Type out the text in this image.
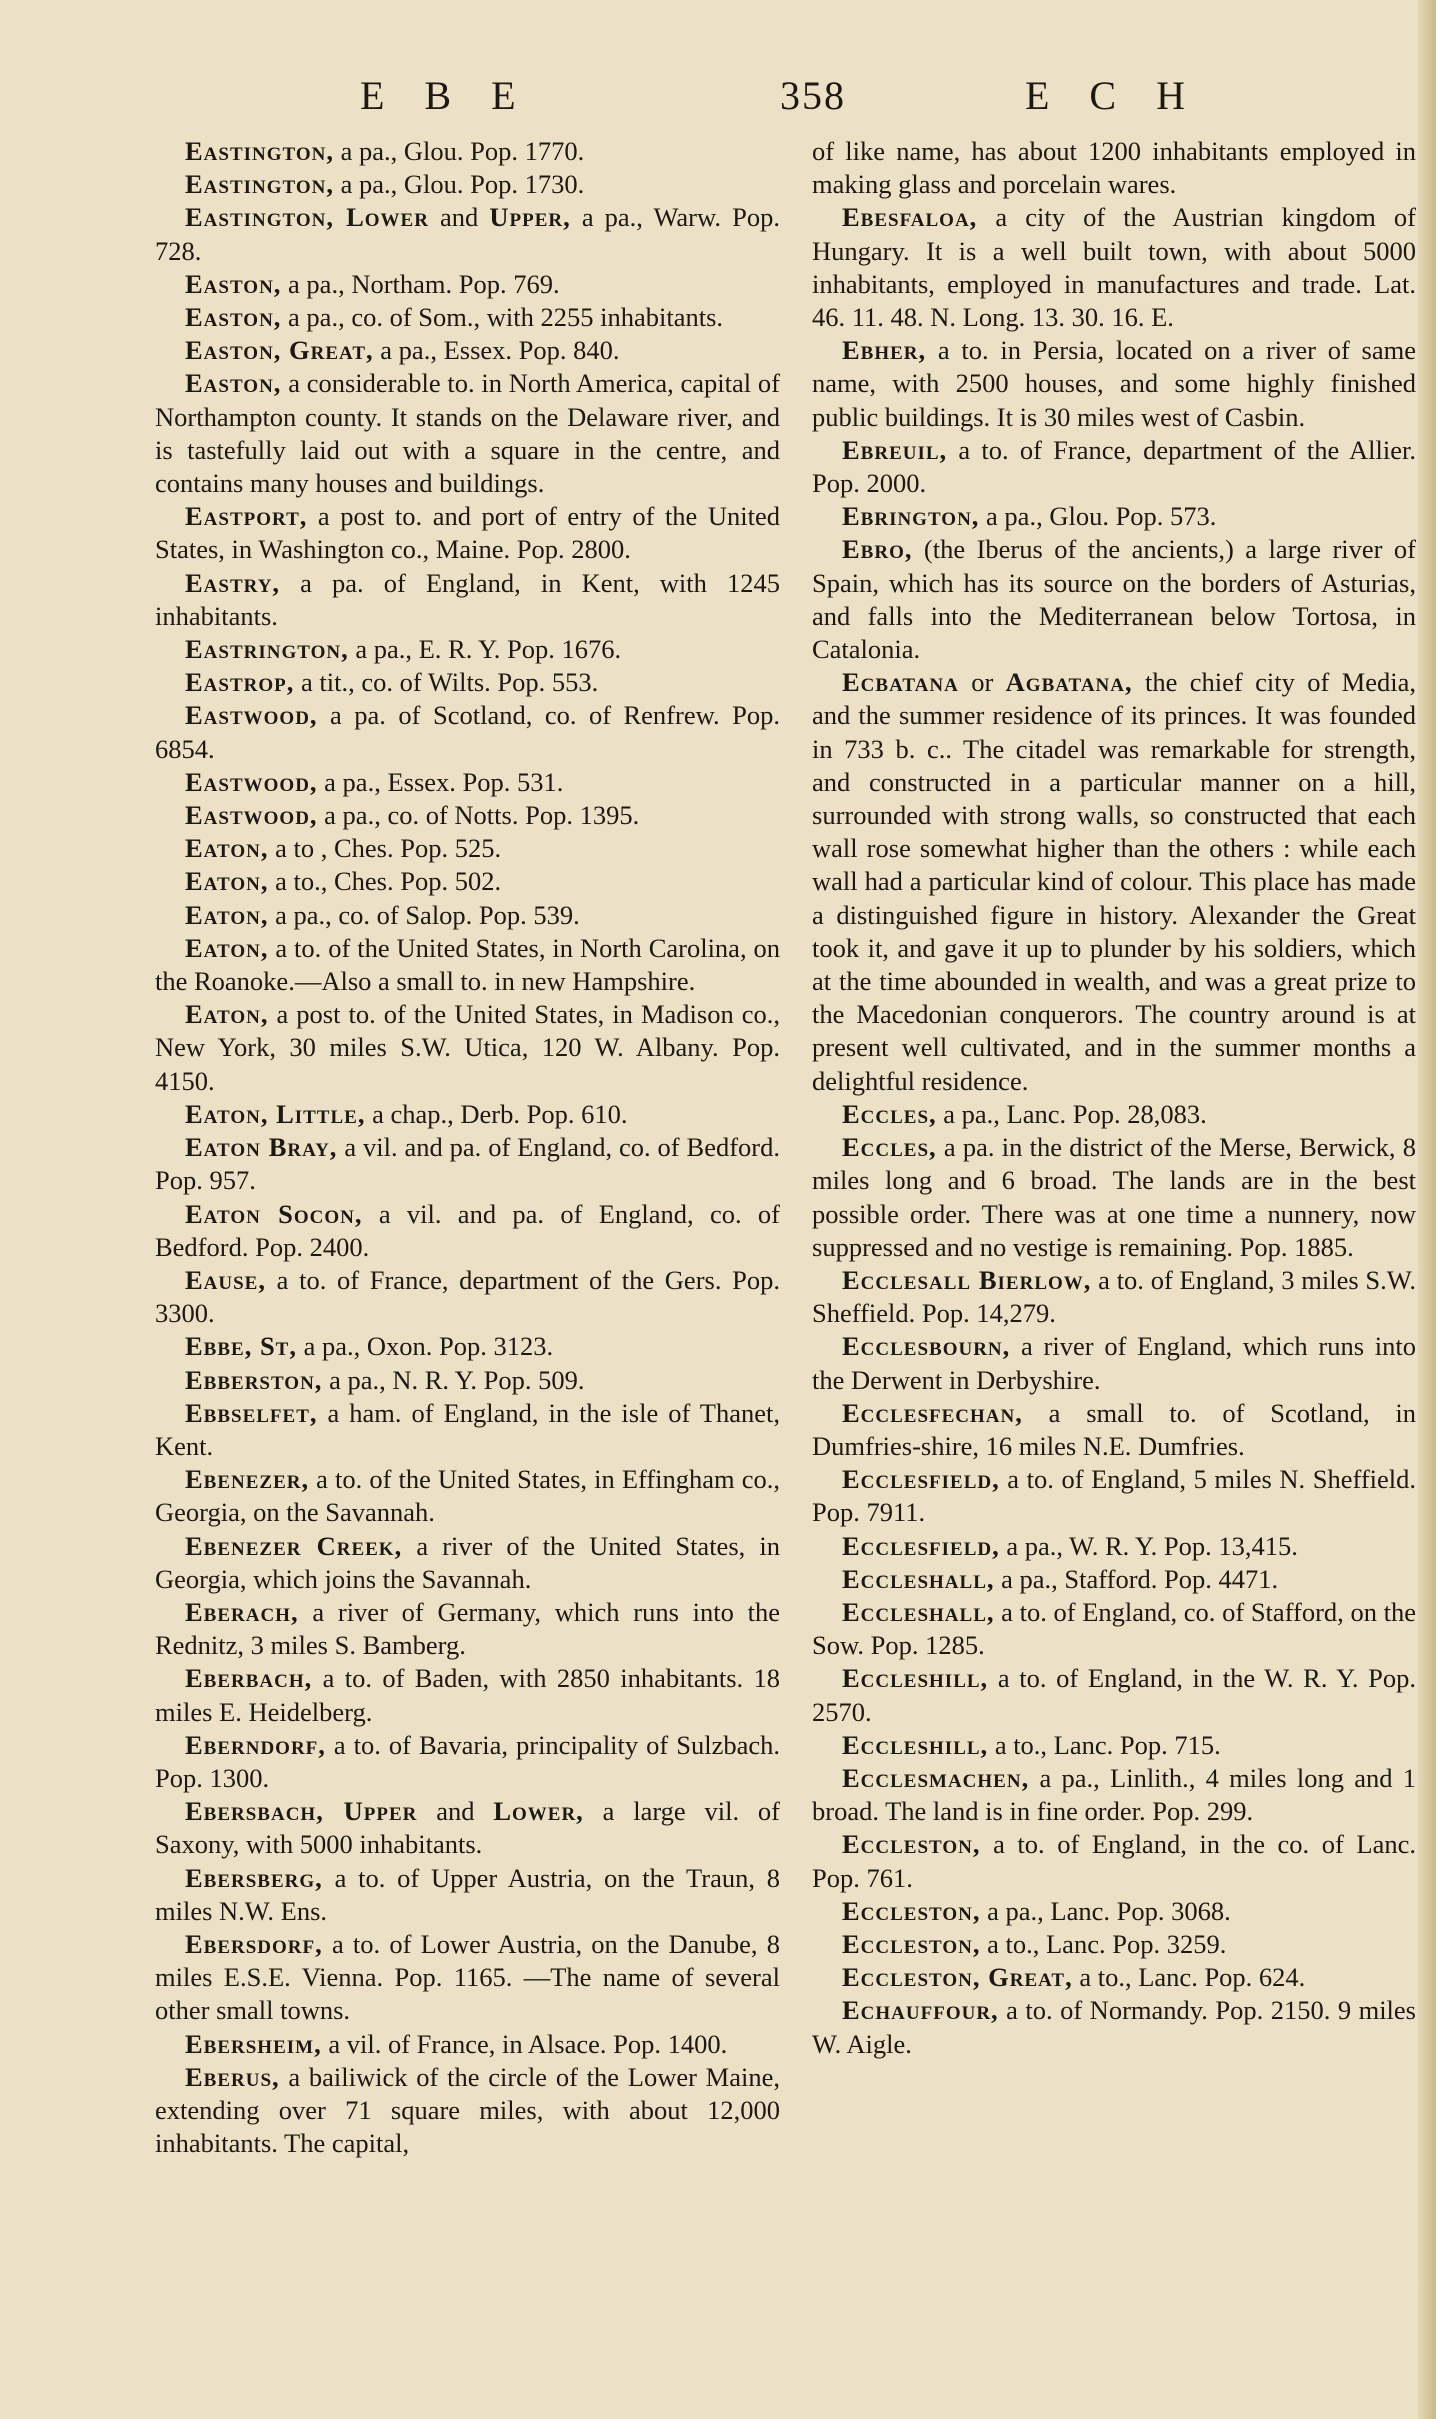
E B E	358	E C H

Eastington, a pa., Glou. Pop. 1770.

Eastington, a pa., Glou. Pop. 1730.

Eastington, Lower and Upper, a pa., Warw. Pop. 728.

Easton, a pa., Northam. Pop. 769.

Easton, a pa., co. of Som., with 2255 inhabitants.

Easton, Great, a pa., Essex. Pop. 840.

Easton, a considerable to. in North America, capital of Northampton county. It stands on the Delaware river, and is tastefully laid out with a square in the centre, and contains many houses and buildings.

Eastport, a post to. and port of entry of the United States, in Washington co., Maine. Pop. 2800.

Eastry, a pa. of England, in Kent, with 1245 inhabitants.

Eastrington, a pa., E. R. Y. Pop. 1676.

Eastrop, a tit., co. of Wilts. Pop. 553.

Eastwood, a pa. of Scotland, co. of Renfrew. Pop. 6854.

Eastwood, a pa., Essex. Pop. 531.

Eastwood, a pa., co. of Notts. Pop. 1395.

Eaton, a to , Ches. Pop. 525.

Eaton, a to., Ches. Pop. 502.

Eaton, a pa., co. of Salop. Pop. 539.

Eaton, a to. of the United States, in North Carolina, on the Roanoke.—Also a small to. in new Hampshire.

Eaton, a post to. of the United States, in Madison co., New York, 30 miles S.W. Utica, 120 W. Albany. Pop. 4150.

Eaton, Little, a chap., Derb. Pop. 610.

Eaton Bray, a vil. and pa. of England, co. of Bedford. Pop. 957.

Eaton Socon, a vil. and pa. of England, co. of Bedford. Pop. 2400.

Eause, a to. of France, department of the Gers. Pop. 3300.

Ebbe, St, a pa., Oxon. Pop. 3123.

Ebberston, a pa., N. R. Y. Pop. 509.

Ebbselfet, a ham. of England, in the isle of Thanet, Kent.

Ebenezer, a to. of the United States, in Effingham co., Georgia, on the Savannah.

Ebenezer Creek, a river of the United States, in Georgia, which joins the Savannah.

Eberach, a river of Germany, which runs into the Rednitz, 3 miles S. Bamberg.

Eberbach, a to. of Baden, with 2850 inhabitants. 18 miles E. Heidelberg.

Eberndorf, a to. of Bavaria, principality of Sulzbach. Pop. 1300.

Ebersbach, Upper and Lower, a large vil. of Saxony, with 5000 inhabitants.

Ebersberg, a to. of Upper Austria, on the Traun, 8 miles N.W. Ens.

Ebersdorf, a to. of Lower Austria, on the Danube, 8 miles E.S.E. Vienna. Pop. 1165. —The name of several other small towns.

Ebersheim, a vil. of France, in Alsace. Pop. 1400.

Eberus, a bailiwick of the circle of the Lower Maine, extending over 71 square miles, with about 12,000 inhabitants. The capital,

of like name, has about 1200 inhabitants employed in making glass and porcelain wares.

Ebesfaloa, a city of the Austrian kingdom of Hungary. It is a well built town, with about 5000 inhabitants, employed in manufactures and trade. Lat. 46. 11. 48. N. Long. 13. 30. 16. E.

Ebher, a to. in Persia, located on a river of same name, with 2500 houses, and some highly finished public buildings. It is 30 miles west of Casbin.

Ebreuil, a to. of France, department of the Allier. Pop. 2000.

Ebrington, a pa., Glou. Pop. 573.

Ebro, (the Iberus of the ancients,) a large river of Spain, which has its source on the borders of Asturias, and falls into the Mediterranean below Tortosa, in Catalonia.

Ecbatana or Agbatana, the chief city of Media, and the summer residence of its princes. It was founded in 733 b. c.. The citadel was remarkable for strength, and constructed in a particular manner on a hill, surrounded with strong walls, so constructed that each wall rose somewhat higher than the others : while each wall had a particular kind of colour. This place has made a distinguished figure in history. Alexander the Great took it, and gave it up to plunder by his soldiers, which at the time abounded in wealth, and was a great prize to the Macedonian conquerors. The country around is at present well cultivated, and in the summer months a delightful residence.

Eccles, a pa., Lanc. Pop. 28,083.

Eccles, a pa. in the district of the Merse, Berwick, 8 miles long and 6 broad. The lands are in the best possible order. There was at one time a nunnery, now suppressed and no vestige is remaining. Pop. 1885.

Ecclesall Bierlow, a to. of England, 3 miles S.W. Sheffield. Pop. 14,279.

Ecclesbourn, a river of England, which runs into the Derwent in Derbyshire.

Ecclesfechan, a small to. of Scotland, in Dumfries-shire, 16 miles N.E. Dumfries.

Ecclesfield, a to. of England, 5 miles N. Sheffield. Pop. 7911.

Ecclesfield, a pa., W. R. Y. Pop. 13,415.

Eccleshall, a pa., Stafford. Pop. 4471.

Eccleshall, a to. of England, co. of Stafford, on the Sow. Pop. 1285.

Eccleshill, a to. of England, in the W. R. Y. Pop. 2570.

Eccleshill, a to., Lanc. Pop. 715.

Ecclesmachen, a pa., Linlith., 4 miles long and 1 broad. The land is in fine order. Pop. 299.

Eccleston, a to. of England, in the co. of Lanc. Pop. 761.

Eccleston, a pa., Lanc. Pop. 3068.

Eccleston, a to., Lanc. Pop. 3259.

Eccleston, Great, a to., Lanc. Pop. 624.

Echauffour, a to. of Normandy. Pop. 2150. 9 miles W. Aigle.
